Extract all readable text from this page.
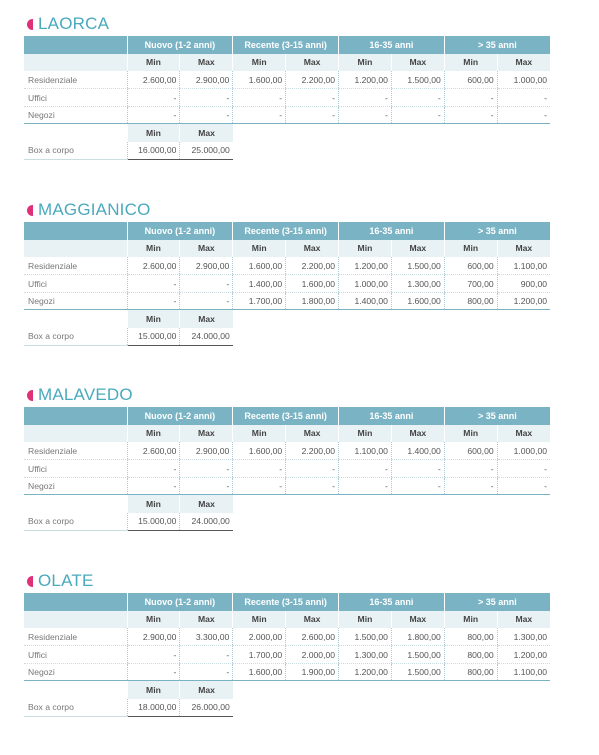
LAORCA
	Nuovo (1-2 anni)		Recente (3-15 anni)		16-35 anni		> 35 anni	
	Min	Max	Min	Max	Min	Max	Min	Max
Residenziale	2.600,00	2.900,00	1.600,00	2.200,00	1.200,00	1.500,00	600,00	1.000,00
Uffici	-	-	-	-	-	-	-	-
Negozi	-	-	-	-	-	-	-	-
	Min	Max						
Box a corpo	16.000,00	25.000,00						
MAGGIANICO
	Nuovo (1-2 anni)		Recente (3-15 anni)		16-35 anni		> 35 anni	
	Min	Max	Min	Max	Min	Max	Min	Max
Residenziale	2.600,00	2.900,00	1.600,00	2.200,00	1.200,00	1.500,00	600,00	1.100,00
Uffici	-	-	1.400,00	1.600,00	1.000,00	1.300,00	700,00	900,00
Negozi	-	-	1.700,00	1.800,00	1.400,00	1.600,00	800,00	1.200,00
	Min	Max						
Box a corpo	15.000,00	24.000,00						
MALAVEDO
	Nuovo (1-2 anni)		Recente (3-15 anni)		16-35 anni		> 35 anni	
	Min	Max	Min	Max	Min	Max	Min	Max
Residenziale	2.600,00	2.900,00	1.600,00	2.200,00	1.100,00	1.400,00	600,00	1.000,00
Uffici	-	-	-	-	-	-	-	-
Negozi	-	-	-	-	-	-	-	-
	Min	Max						
Box a corpo	15.000,00	24.000,00						
OLATE
	Nuovo (1-2 anni)		Recente (3-15 anni)		16-35 anni		> 35 anni	
	Min	Max	Min	Max	Min	Max	Min	Max
Residenziale	2.900,00	3.300,00	2.000,00	2.600,00	1.500,00	1.800,00	800,00	1.300,00
Uffici	-	-	1.700,00	2.000,00	1.300,00	1.500,00	800,00	1.200,00
Negozi	-	-	1.600,00	1.900,00	1.200,00	1.500,00	800,00	1.100,00
	Min	Max						
Box a corpo	18.000,00	26.000,00						
